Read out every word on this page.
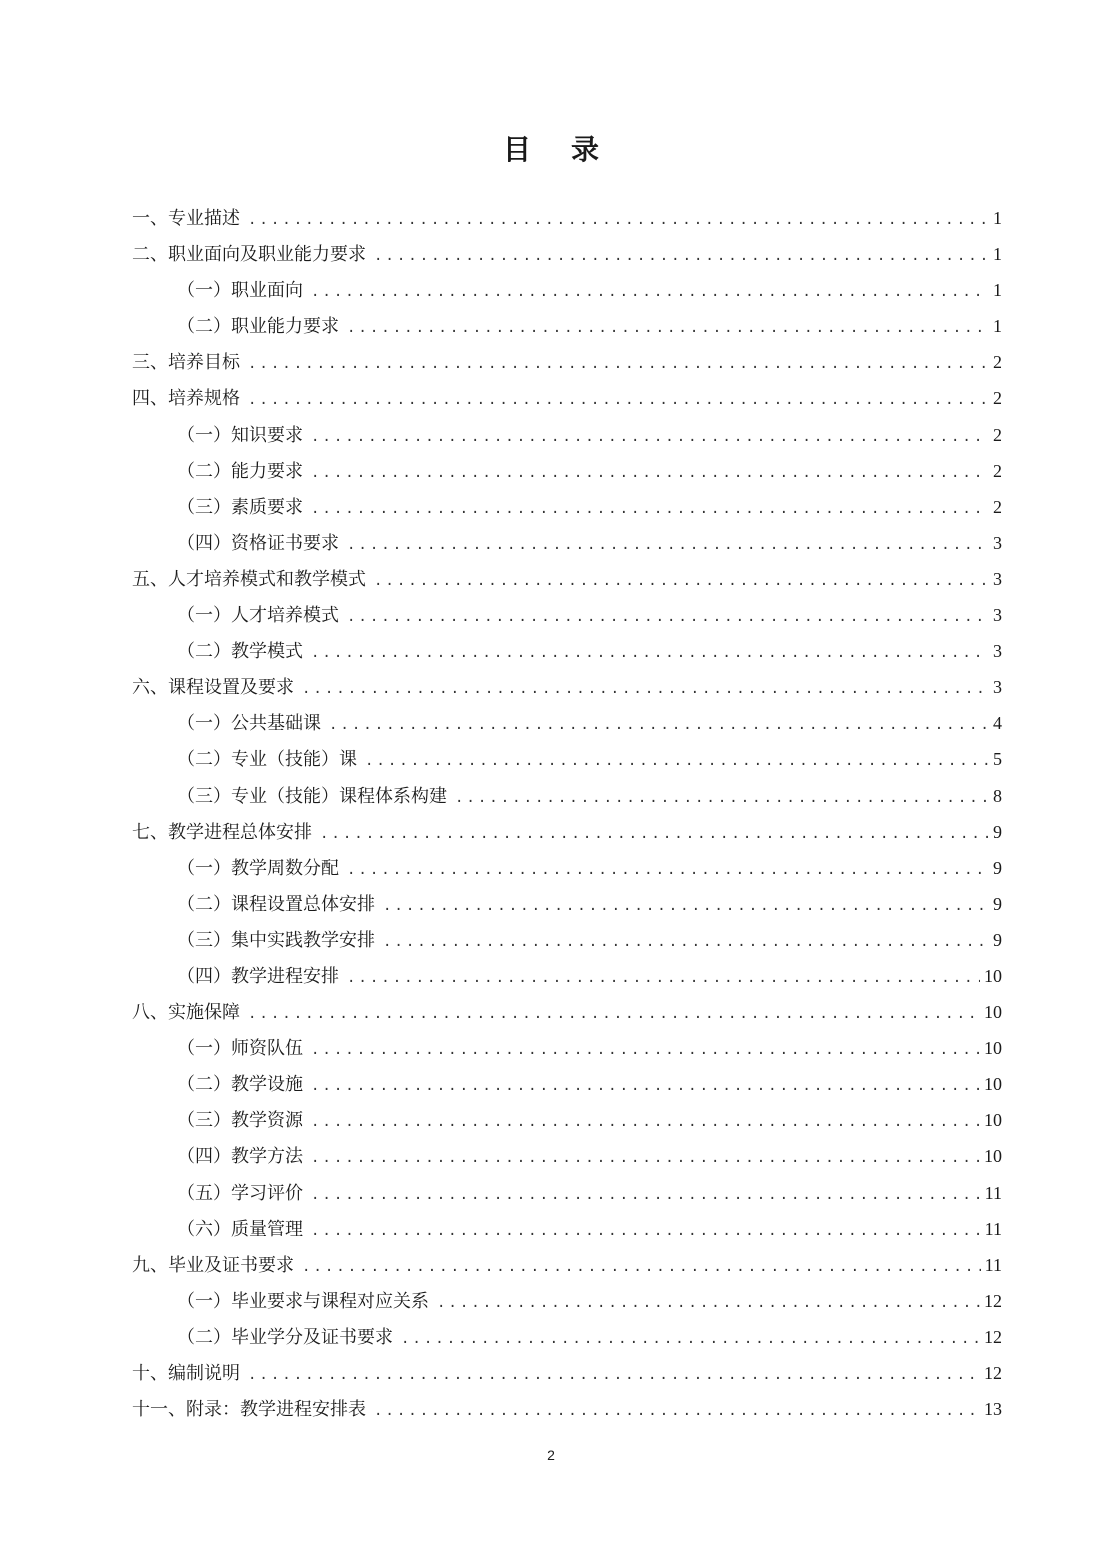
目录
一、专业描述 .....	1
二、职业面向及职业能力要求 .....	1
（一）职业面向 .....	1
（二）职业能力要求 .....	1
三、培养目标 .....	2
四、培养规格 .....	2
（一）知识要求 .....	2
（二）能力要求 .....	2
（三）素质要求 .....	2
（四）资格证书要求 .....	3
五、人才培养模式和教学模式 .....	3
（一）人才培养模式 .....	3
（二）教学模式 .....	3
六、课程设置及要求 .....	3
（一）公共基础课 .....	4
（二）专业（技能）课 .....	5
（三）专业（技能）课程体系构建 .....	8
七、教学进程总体安排 .....	9
（一）教学周数分配 .....	9
（二）课程设置总体安排 .....	9
（三）集中实践教学安排 .....	9
（四）教学进程安排 .....	10
八、实施保障 .....	10
（一）师资队伍 .....	10
（二）教学设施 .....	10
（三）教学资源 .....	10
（四）教学方法 .....	10
（五）学习评价 .....	11
（六）质量管理 .....	11
九、毕业及证书要求 .....	11
（一）毕业要求与课程对应关系 .....	12
（二）毕业学分及证书要求 .....	12
十、编制说明 .....	12
十一、附录：教学进程安排表 .....	13
2
